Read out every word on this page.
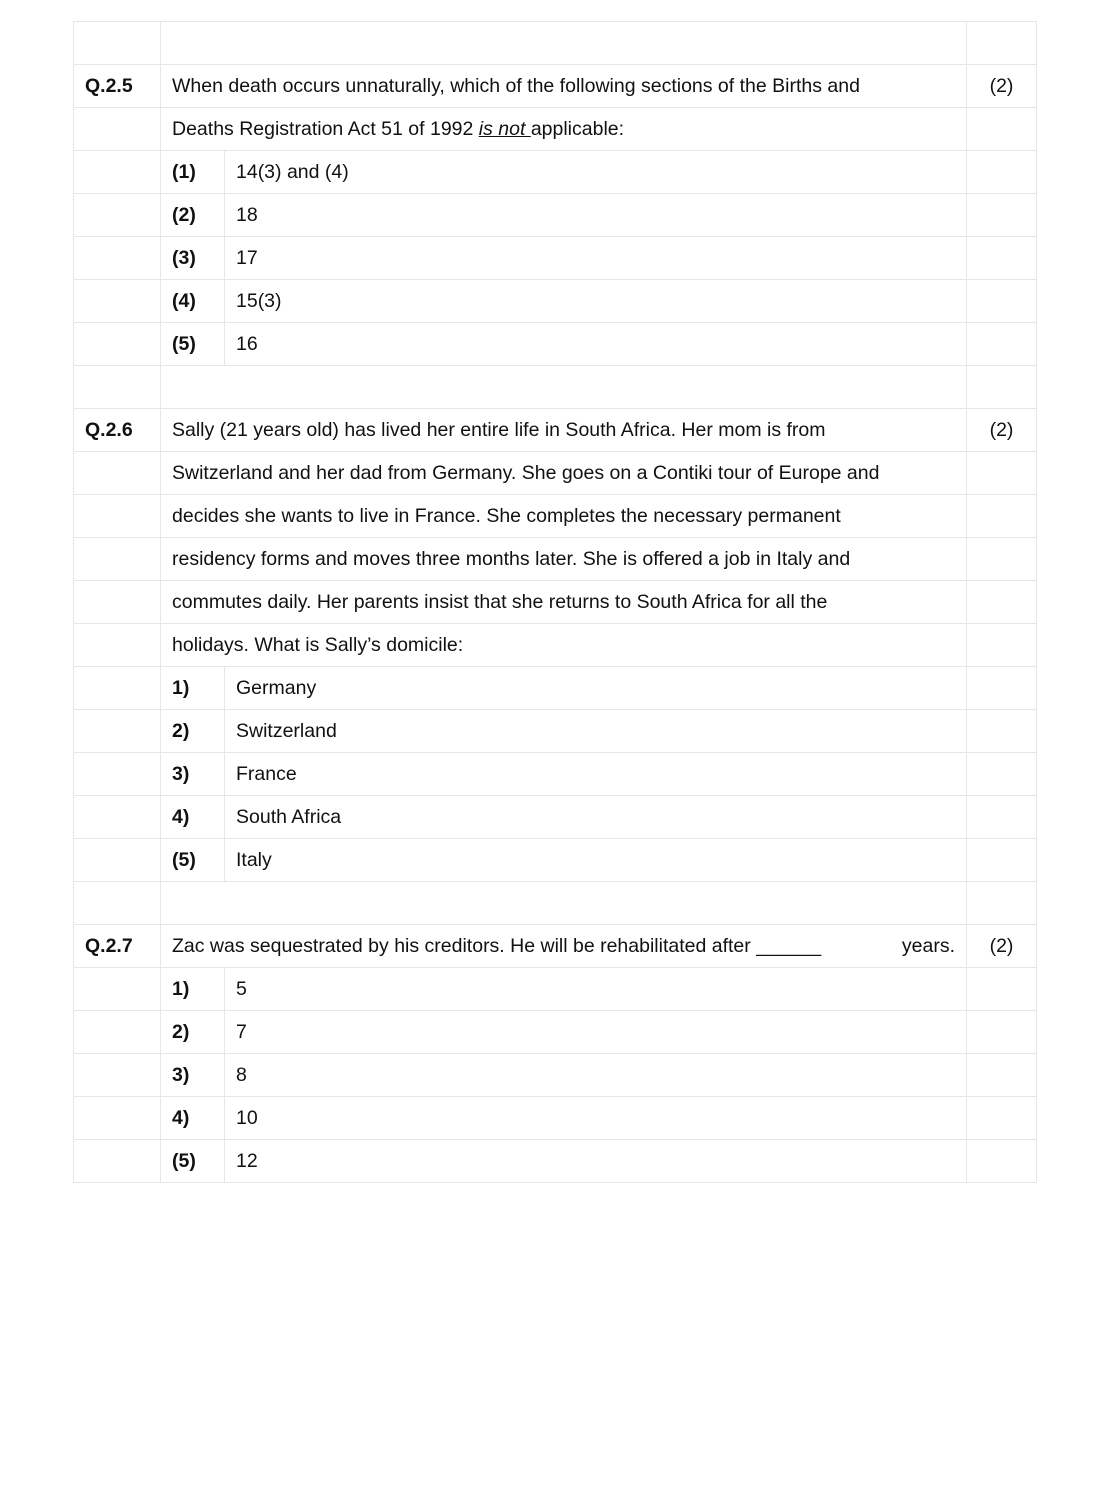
Q.2.5	When death occurs unnaturally, which of the following sections of the Births and		(2)
	Deaths Registration Act 51 of 1992 is not applicable:		
	(1)	14(3) and (4)	
	(2)	18	
	(3)	17	
	(4)	15(3)	
	(5)	16	

Q.2.6	Sally (21 years old) has lived her entire life in South Africa. Her mom is from		(2)
	Switzerland and her dad from Germany. She goes on a Contiki tour of Europe and		
	decides she wants to live in France. She completes the necessary permanent		
	residency forms and moves three months later. She is offered a job in Italy and		
	commutes daily. Her parents insist that she returns to South Africa for all the		
	holidays. What is Sally’s domicile:		
	1)	Germany	
	2)	Switzerland	
	3)	France	
	4)	South Africa	
	(5)	Italy	

Q.2.7	Zac was sequestrated by his creditors. He will be rehabilitated after ______ years.		(2)
	1)	5	
	2)	7	
	3)	8	
	4)	10	
	(5)	12	
